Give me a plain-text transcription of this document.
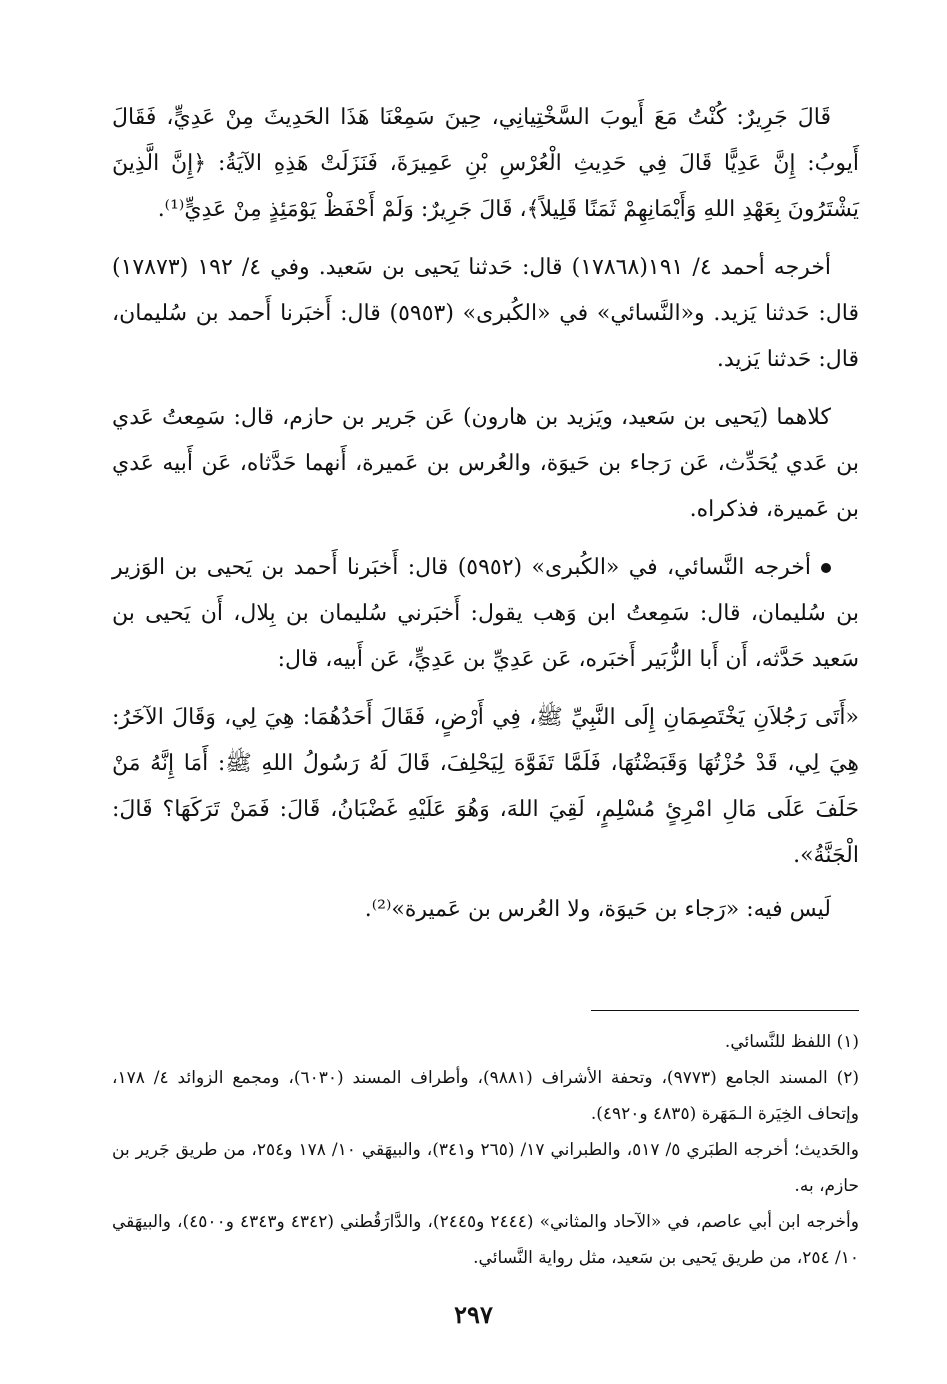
قَالَ جَرِيرٌ: كُنْتُ مَعَ أَيوبَ السَّخْتِيانِي، حِينَ سَمِعْنَا هَذَا الحَدِيثَ مِنْ عَدِيٍّ، فَقَالَ أَيوبُ: إِنَّ عَدِيًّا قَالَ فِي حَدِيثِ الْعُرْسِ بْنِ عَمِيرَةَ، فَنَزَلَتْ هَذِهِ الآيَةُ: ﴿إِنَّ الَّذِينَ يَشْتَرُونَ بِعَهْدِ اللهِ وَأَيْمَانِهِمْ ثَمَنًا قَلِيلاً﴾، قَالَ جَرِيرٌ: وَلَمْ أَحْفَظْ يَوْمَئِذٍ مِنْ عَدِيٍّ⁽¹⁾.

أخرجه أحمد ٤/ ١٩١(١٧٨٦٨) قال: حَدثنا يَحيى بن سَعيد. وفي ٤/ ١٩٢ (١٧٨٧٣) قال: حَدثنا يَزيد. و«النَّسائي» في «الكُبرى» (٥٩٥٣) قال: أَخبَرنا أَحمد بن سُليمان، قال: حَدثنا يَزيد.

كلاهما (يَحيى بن سَعيد، ويَزيد بن هارون) عَن جَرير بن حازم، قال: سَمِعتُ عَدي بن عَدي يُحَدِّث، عَن رَجاء بن حَيوَة، والعُرس بن عَميرة، أَنهما حَدَّثاه، عَن أَبيه عَدي بن عَميرة، فذكراه.

أخرجه النَّسائي، في «الكُبرى» (٥٩٥٢) قال: أَخبَرنا أَحمد بن يَحيى بن الوَزير بن سُليمان، قال: سَمِعتُ ابن وَهب يقول: أَخبَرني سُليمان بن بِلال، أَن يَحيى بن سَعيد حَدَّثه، أَن أَبا الزُّبَير أَخبَره، عَن عَدِيِّ بن عَدِيٍّ، عَن أَبيه، قال:

«أَتَى رَجُلاَنِ يَخْتَصِمَانِ إِلَى النَّبِيِّ ﷺ، فِي أَرْضٍ، فَقَالَ أَحَدُهُمَا: هِيَ لِي، وَقَالَ الآخَرُ: هِيَ لِي، قَدْ حُزْتُهَا وَقَبَضْتُهَا، فَلَمَّا تَفَوَّهَ لِيَحْلِفَ، قَالَ لَهُ رَسُولُ اللهِ ﷺ: أَمَا إِنَّهُ مَنْ حَلَفَ عَلَى مَالِ امْرِئٍ مُسْلِمٍ، لَقِيَ اللهَ، وَهُوَ عَلَيْهِ غَضْبَانُ، قَالَ: فَمَنْ تَرَكَهَا؟ قَالَ: الْجَنَّةُ».

لَيس فيه: «رَجاء بن حَيوَة، ولا العُرس بن عَميرة»⁽²⁾.

(١) اللفظ للنَّسائي.

(٢) المسند الجامع (٩٧٧٣)، وتحفة الأشراف (٩٨٨١)، وأطراف المسند (٦٠٣٠)، ومجمع الزوائد ٤/ ١٧٨، وإتحاف الخِيَرة الـمَهَرة (٤٨٣٥ و٤٩٢٠).

والحَديث؛ أخرجه الطبَري ٥/ ٥١٧، والطبراني ١٧/ (٢٦٥ و٣٤١)، والبيهَقي ١٠/ ١٧٨ و٢٥٤، من طريق جَرير بن حازم، به.

وأخرجه ابن أبي عاصم، في «الآحاد والمثاني» (٢٤٤٤ و٢٤٤٥)، والدَّارَقُطني (٤٣٤٢ و٤٣٤٣ و٤٥٠٠)، والبيهَقي ١٠/ ٢٥٤، من طريق يَحيى بن سَعيد، مثل رواية النَّسائي.

٢٩٧
